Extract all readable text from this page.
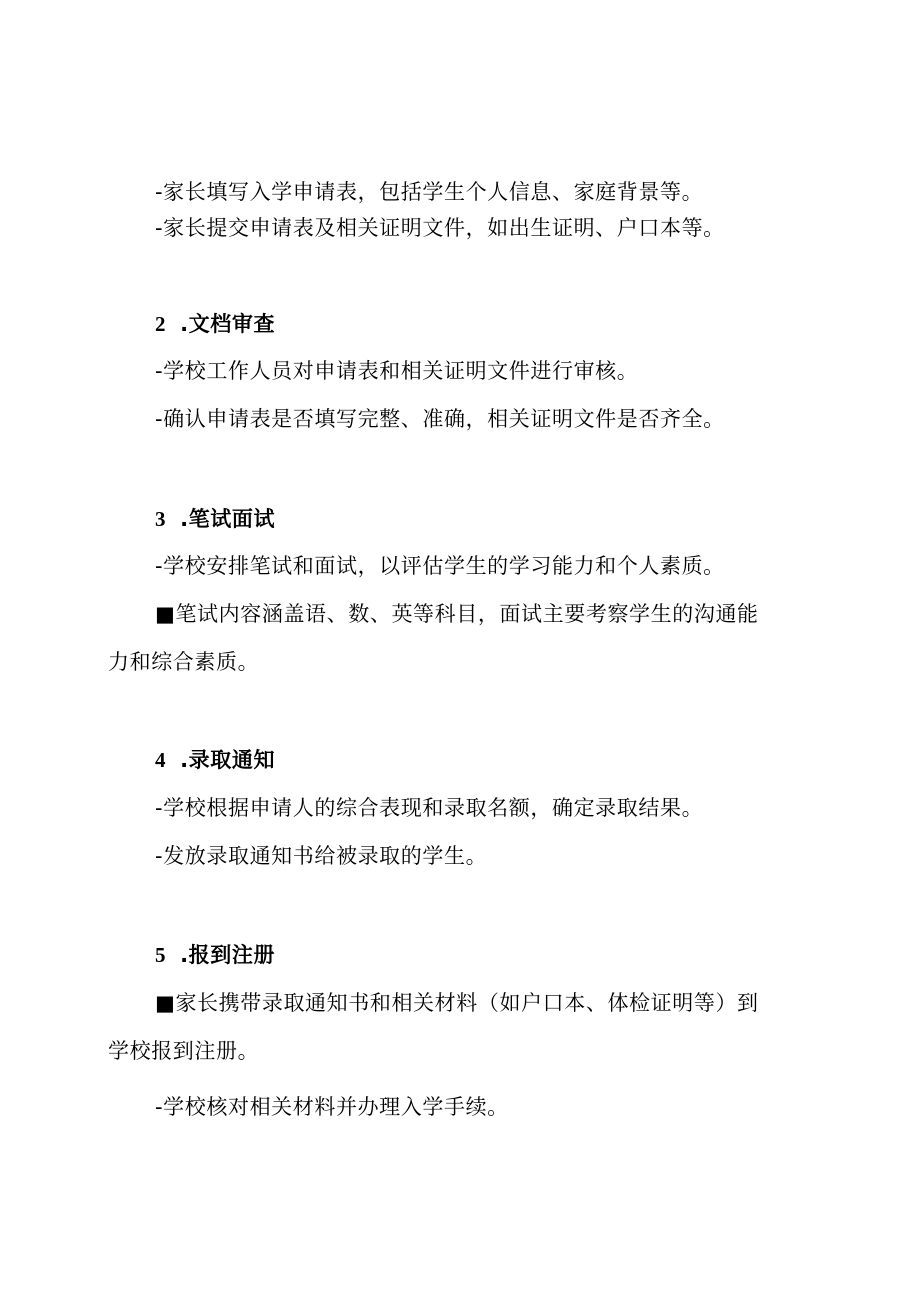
-家长填写入学申请表，包括学生个人信息、家庭背景等。
-家长提交申请表及相关证明文件，如出生证明、户口本等。
2 .文档审查
-学校工作人员对申请表和相关证明文件进行审核。
-确认申请表是否填写完整、准确，相关证明文件是否齐全。
3 .笔试面试
-学校安排笔试和面试，以评估学生的学习能力和个人素质。
■笔试内容涵盖语、数、英等科目，面试主要考察学生的沟通能
力和综合素质。
4 .录取通知
-学校根据申请人的综合表现和录取名额，确定录取结果。
-发放录取通知书给被录取的学生。
5 .报到注册
■家长携带录取通知书和相关材料（如户口本、体检证明等）到
学校报到注册。
-学校核对相关材料并办理入学手续。
